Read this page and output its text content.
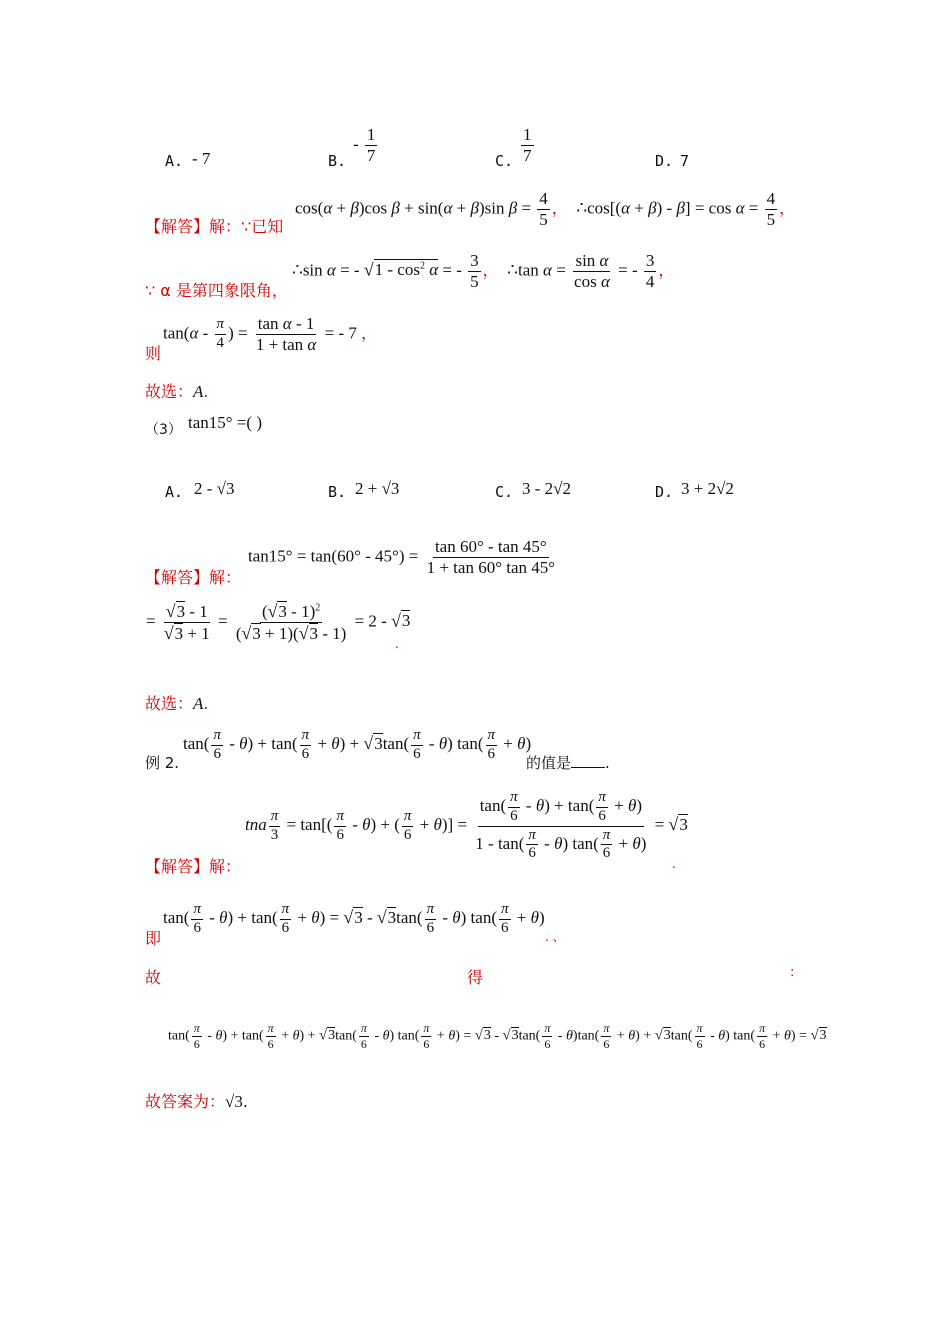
A. - 7	B.
- $\frac{1}{7}$	C. $\frac{1}{7}$	D. 7
【解答】解：∵已知
cos(α + β)cos β + sin(α + β)sin $\beta = \frac{4}{5}$ ，  ∴cos[(α + $\beta) - \beta] = \cos \alpha = \frac{4}{5}$ ，
∵ α 是第四象限角，
∴sin α = - $√1 - \cos^2 \alpha$ = - $\frac{3}{5}$ ，  ∴tan $\alpha = \frac{\text{sin α}}{\text{cos α}}$ = - $\frac{3}{4}$ ，
则
$\tan(\alpha - \frac{\pi}{4}$ ) = $\frac{\text{tan α - 1}}{\text{1 + tan α}}$ = - 7 ，
故选：A.
（3） tan15° =( )
A. 2 - √3	B. 2 + √3	C. 3 - 2√2	D. 3 + 2√2
【解答】解：
$\tan 15^\circ = \tan(60^\circ - 45^\circ) = \frac{\tan 60^\circ - \tan 45^\circ}{1 + \tan 60^\circ \tan 45^\circ}$
= $\frac{√3 - 1}{√3 + 1} = \frac{(√3 - 1)^2}{(√3 + 1)(√3 - 1)} = 2 - √3$
.
故选：A.
例 2.
$\tan( \frac{\pi}{6} - \theta) + \tan( \frac{\pi}{6} + \theta) + √3\tan( \frac{\pi}{6} - \theta)$ $\tan( \frac{\pi}{6} + \theta)$
的值是 .
tna $\frac{\pi}{3} = \tan[( \frac{\pi}{6} - \theta)$ + ( $\frac{\pi}{6} + \theta)] = \frac{\tan( \frac{\pi}{6} - \theta) + \tan( \frac{\pi}{6} + \theta)}{1 - \tan( \frac{\pi}{6} - \theta) \tan( \frac{\pi}{6} + \theta)} = √3$
【解答】解：	.
即
$\tan( \frac{\pi}{6} - \theta) + \tan( \frac{\pi}{6} + \theta) = √3 - √3\tan( \frac{\pi}{6} - \theta)$ $\tan( \frac{\pi}{6} + \theta)$
. 、
故	得	:
$\tan( \frac{\pi}{6} - \theta) + \tan( \frac{\pi}{6} + \theta) + √3\tan( \frac{\pi}{6} - \theta)$ $\tan( \frac{\pi}{6} + \theta) = √3 - √3\tan( \frac{\pi}{6} - \theta)\tan( \frac{\pi}{6} + \theta) + √3\tan( \frac{\pi}{6} - \theta)$ $\tan( \frac{\pi}{6} + \theta) = √3$
故答案为：√3.
